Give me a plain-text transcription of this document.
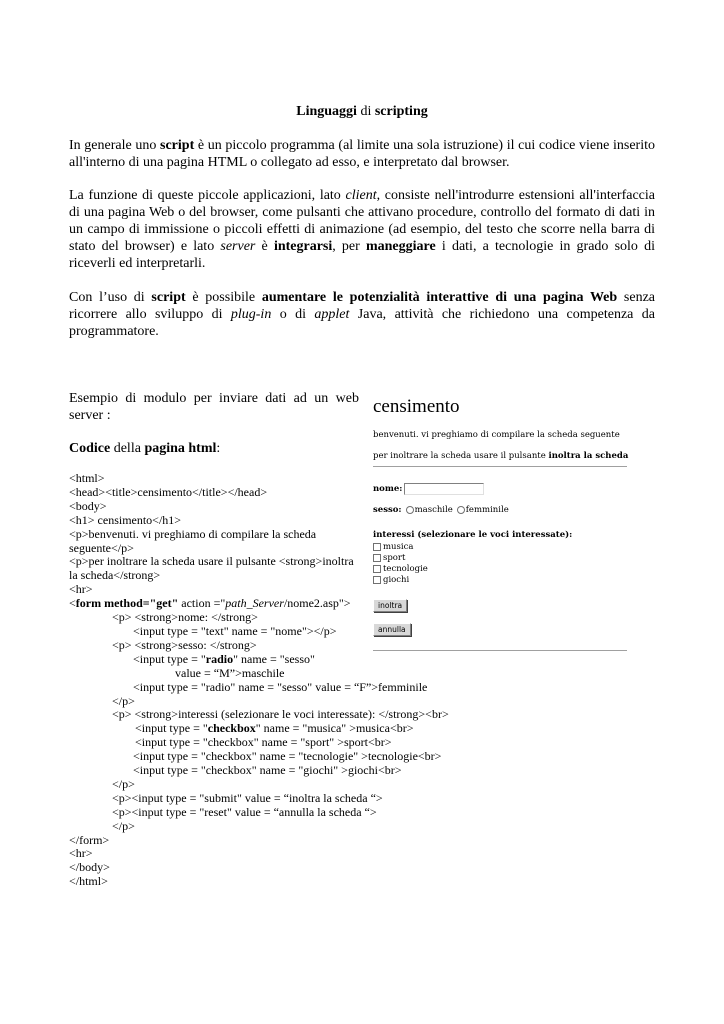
Linguaggi di scripting
In generale uno script è un piccolo programma (al limite una sola istruzione) il cui codice viene inserito all'interno di una pagina HTML o collegato ad esso, e interpretato dal browser.
La funzione di queste piccole applicazioni, lato client, consiste nell'introdurre estensioni all'interfaccia di una pagina Web o del browser, come pulsanti che attivano procedure, controllo del formato di dati in un campo di immissione o piccoli effetti di animazione (ad esempio, del testo che scorre nella barra di stato del browser) e lato server è integrarsi, per maneggiare i dati, a tecnologie in grado solo di riceverli ed interpretarli.
Con l’uso di script è possibile aumentare le potenzialità interattive di una pagina Web senza ricorrere allo sviluppo di plug-in o di applet Java, attività che richiedono una competenza da programmatore.
Esempio di modulo per inviare dati ad un web server :
Codice della pagina html:
<html>
<head><title>censimento</title></head>
<body>
<h1> censimento</h1>
<p>benvenuti. vi preghiamo di compilare la scheda seguente</p>
<p>per inoltrare la scheda usare il pulsante <strong>inoltra la scheda</strong>
<hr>
<form method="get" action ="path_Server/nome2.asp">
<p> <strong>nome: </strong>
<input type = "text" name = "nome"></p>
<p> <strong>sesso: </strong>
<input type = "radio" name = "sesso"
value = “M”>maschile
<input type = "radio" name = "sesso" value = “F”>femminile
</p>
<p> <strong>interessi (selezionare le voci interessate): </strong><br>
<input type = "checkbox" name = "musica" >musica<br>
<input type = "checkbox" name = "sport" >sport<br>
<input type = "checkbox" name = "tecnologie" >tecnologie<br>
<input type = "checkbox" name = "giochi" >giochi<br>
</p>
<p><input type = "submit" value = “inoltra la scheda “>
<p><input type = "reset" value = “annulla la scheda “>
</p>
</form>
<hr>
</body>
</html>
censimento
benvenuti. vi preghiamo di compilare la scheda seguente
per inoltrare la scheda usare il pulsante inoltra la scheda
nome:
sesso: maschile femminile
interessi (selezionare le voci interessate):
musica
sport
tecnologie
giochi
inoltra
annulla
